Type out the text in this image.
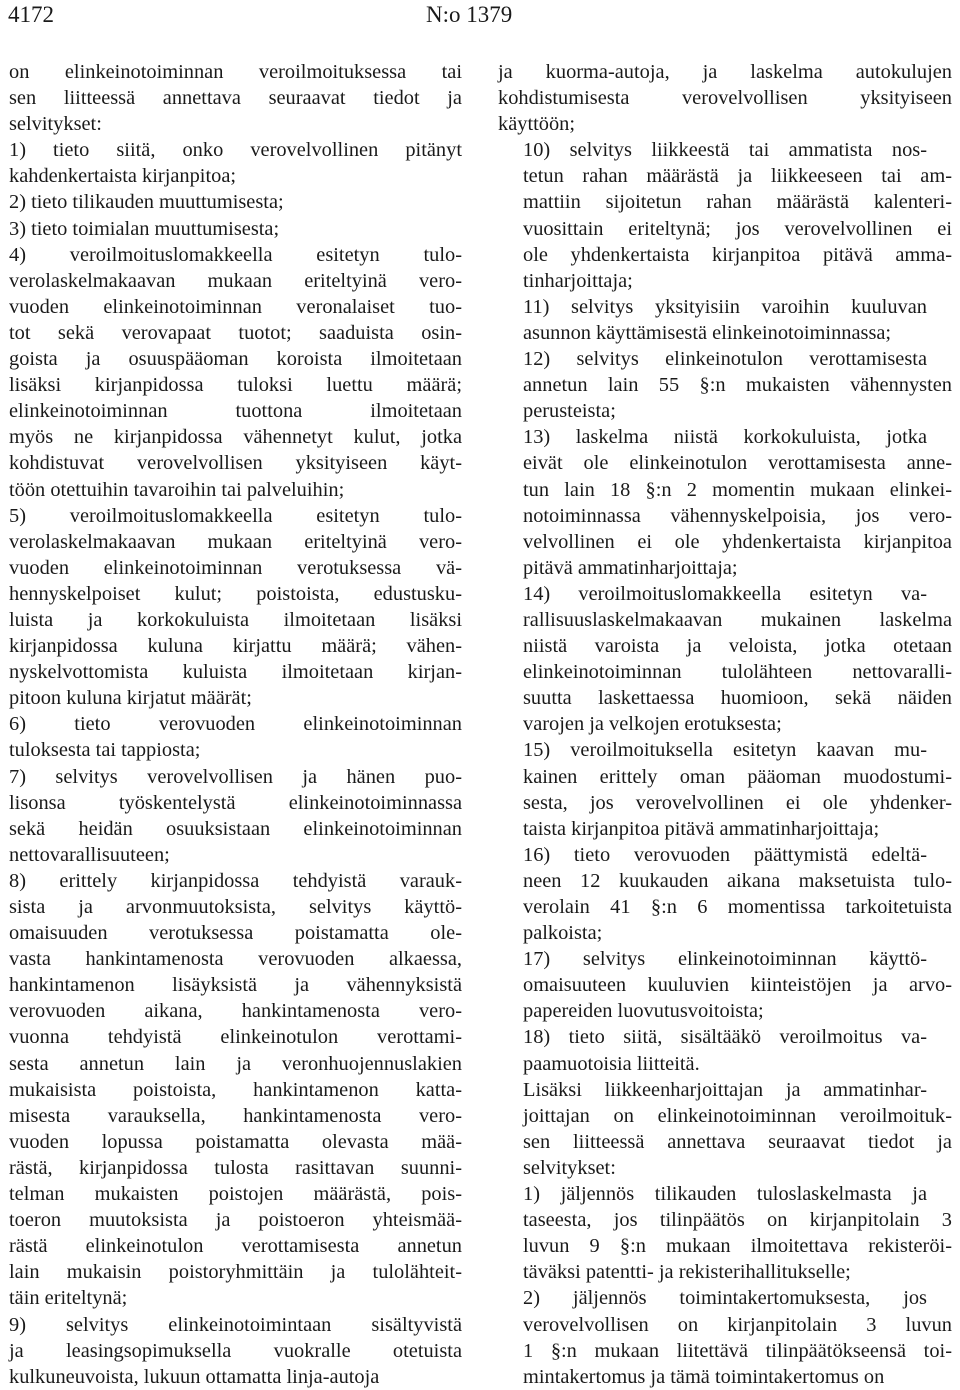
4172	N:o 1379

on elinkeinotoiminnan veroilmoituksessa tai
sen liitteessä annettava seuraavat tiedot ja
selvitykset:

1) tieto siitä, onko verovelvollinen pitänyt
kahdenkertaista kirjanpitoa;

2) tieto tilikauden muuttumisesta;

3) tieto toimialan muuttumisesta;

4) veroilmoituslomakkeella esitetyn tulo-
verolaskelmakaavan mukaan eriteltyinä vero-
vuoden elinkeinotoiminnan veronalaiset tuo-
tot sekä verovapaat tuotot; saaduista osin-
goista ja osuuspääoman koroista ilmoitetaan
lisäksi kirjanpidossa tuloksi luettu määrä;
elinkeinotoiminnan tuottona ilmoitetaan
myös ne kirjanpidossa vähennetyt kulut, jotka
kohdistuvat verovelvollisen yksityiseen käyt-
töön otettuihin tavaroihin tai palveluihin;

5) veroilmoituslomakkeella esitetyn tulo-
verolaskelmakaavan mukaan eriteltyinä vero-
vuoden elinkeinotoiminnan verotuksessa vä-
hennyskelpoiset kulut; poistoista, edustusku-
luista ja korkokuluista ilmoitetaan lisäksi
kirjanpidossa kuluna kirjattu määrä; vähen-
nyskelvottomista kuluista ilmoitetaan kirjan-
pitoon kuluna kirjatut määrät;

6) tieto verovuoden elinkeinotoiminnan
tuloksesta tai tappiosta;

7) selvitys verovelvollisen ja hänen puo-
lisonsa työskentelystä elinkeinotoiminnassa
sekä heidän osuuksistaan elinkeinotoiminnan
nettovarallisuuteen;

8) erittely kirjanpidossa tehdyistä varauk-
sista ja arvonmuutoksista, selvitys käyttö-
omaisuuden verotuksessa poistamatta ole-
vasta hankintamenosta verovuoden alkaessa,
hankintamenon lisäyksistä ja vähennyksistä
verovuoden aikana, hankintamenosta vero-
vuonna tehdyistä elinkeinotulon verottami-
sesta annetun lain ja veronhuojennuslakien
mukaisista poistoista, hankintamenon katta-
misesta varauksella, hankintamenosta vero-
vuoden lopussa poistamatta olevasta mää-
rästä, kirjanpidossa tulosta rasittavan suunni-
telman mukaisten poistojen määrästä, pois-
toeron muutoksista ja poistoeron yhteismää-
rästä elinkeinotulon verottamisesta annetun
lain mukaisin poistoryhmittäin ja tulolähteit-
täin eriteltynä;

9) selvitys elinkeinotoimintaan sisältyvistä
ja leasingsopimuksella vuokralle otetuista
kulkuneuvoista, lukuun ottamatta linja-autoja

ja kuorma-autoja, ja laskelma autokulujen
kohdistumisesta verovelvollisen yksityiseen
käyttöön;

10) selvitys liikkeestä tai ammatista nos-
tetun rahan määrästä ja liikkeeseen tai am-
mattiin sijoitetun rahan määrästä kalenteri-
vuosittain eriteltynä; jos verovelvollinen ei
ole yhdenkertaista kirjanpitoa pitävä amma-
tinharjoittaja;

11) selvitys yksityisiin varoihin kuuluvan
asunnon käyttämisestä elinkeinotoiminnassa;

12) selvitys elinkeinotulon verottamisesta
annetun lain 55 §:n mukaisten vähennysten
perusteista;

13) laskelma niistä korkokuluista, jotka
eivät ole elinkeinotulon verottamisesta anne-
tun lain 18 §:n 2 momentin mukaan elinkei-
notoiminnassa vähennyskelpoisia, jos vero-
velvollinen ei ole yhdenkertaista kirjanpitoa
pitävä ammatinharjoittaja;

14) veroilmoituslomakkeella esitetyn va-
rallisuuslaskelmakaavan mukainen laskelma
niistä varoista ja veloista, jotka otetaan
elinkeinotoiminnan tulolähteen nettovaralli-
suutta laskettaessa huomioon, sekä näiden
varojen ja velkojen erotuksesta;

15) veroilmoituksella esitetyn kaavan mu-
kainen erittely oman pääoman muodostumi-
sesta, jos verovelvollinen ei ole yhdenker-
taista kirjanpitoa pitävä ammatinharjoittaja;

16) tieto verovuoden päättymistä edeltä-
neen 12 kuukauden aikana maksetuista tulo-
verolain 41 §:n 6 momentissa tarkoitetuista
palkoista;

17) selvitys elinkeinotoiminnan käyttö-
omaisuuteen kuuluvien kiinteistöjen ja arvo-
papereiden luovutusvoitoista;

18) tieto siitä, sisältääkö veroilmoitus va-
paamuotoisia liitteitä.

Lisäksi liikkeenharjoittajan ja ammatinhar-
joittajan on elinkeinotoiminnan veroilmoituk-
sen liitteessä annettava seuraavat tiedot ja
selvitykset:

1) jäljennös tilikauden tuloslaskelmasta ja
taseesta, jos tilinpäätös on kirjanpitolain 3
luvun 9 §:n mukaan ilmoitettava rekisteröi-
täväksi patentti- ja rekisterihallitukselle;

2) jäljennös toimintakertomuksesta, jos
verovelvollisen on kirjanpitolain 3 luvun
1 §:n mukaan liitettävä tilinpäätökseensä toi-
mintakertomus ja tämä toimintakertomus on
